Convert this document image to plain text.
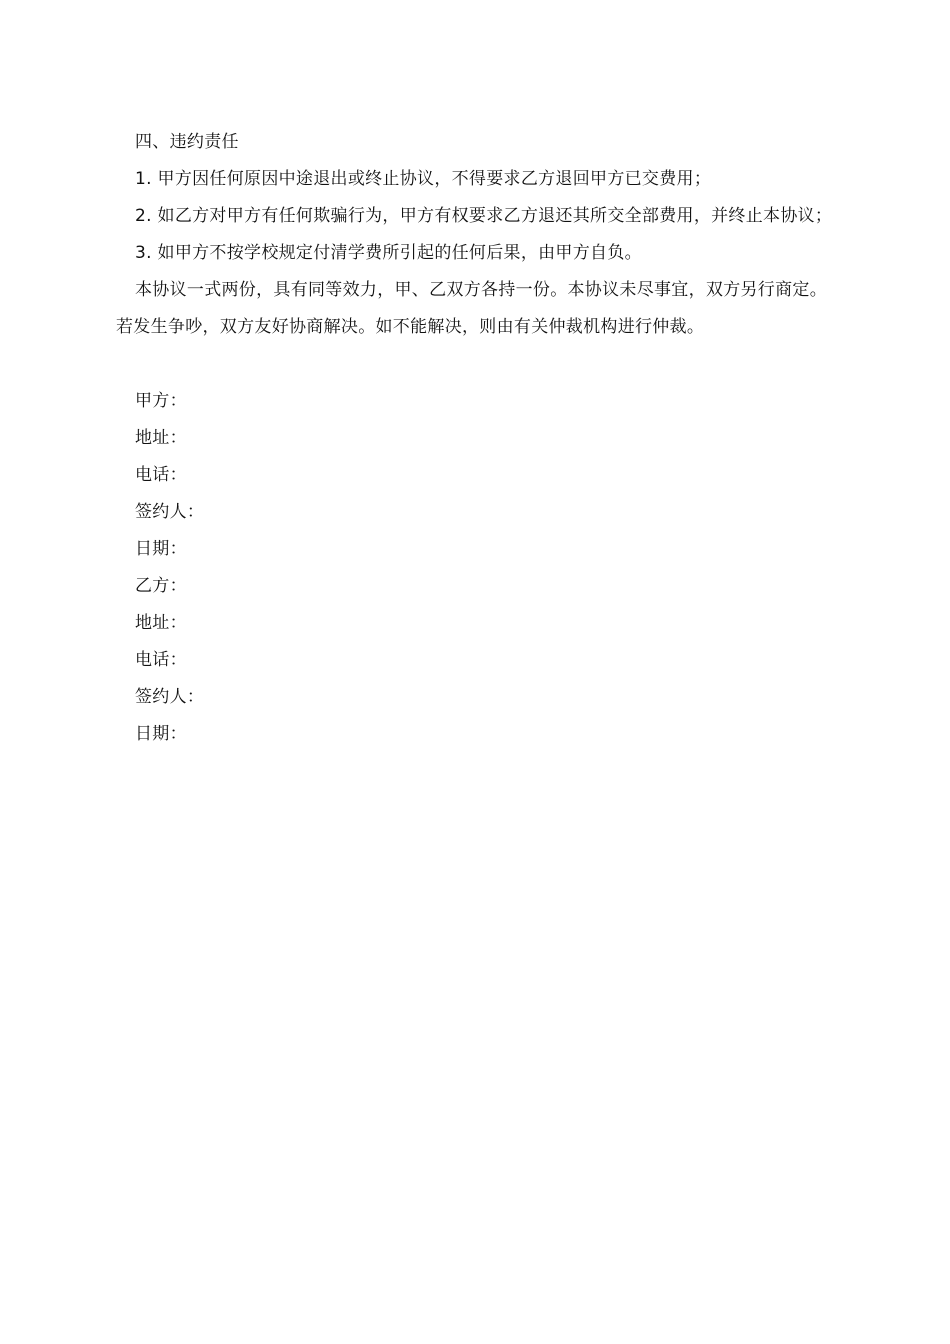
四、违约责任

1. 甲方因任何原因中途退出或终止协议，不得要求乙方退回甲方已交费用；

2. 如乙方对甲方有任何欺骗行为，甲方有权要求乙方退还其所交全部费用，并终止本协议；

3. 如甲方不按学校规定付清学费所引起的任何后果，由甲方自负。

本协议一式两份，具有同等效力，甲、乙双方各持一份。本协议未尽事宜，双方另行商定。若发生争吵，双方友好协商解决。如不能解决，则由有关仲裁机构进行仲裁。

甲方：

地址：

电话：

签约人：

日期：

乙方：

地址：

电话：

签约人：

日期：
